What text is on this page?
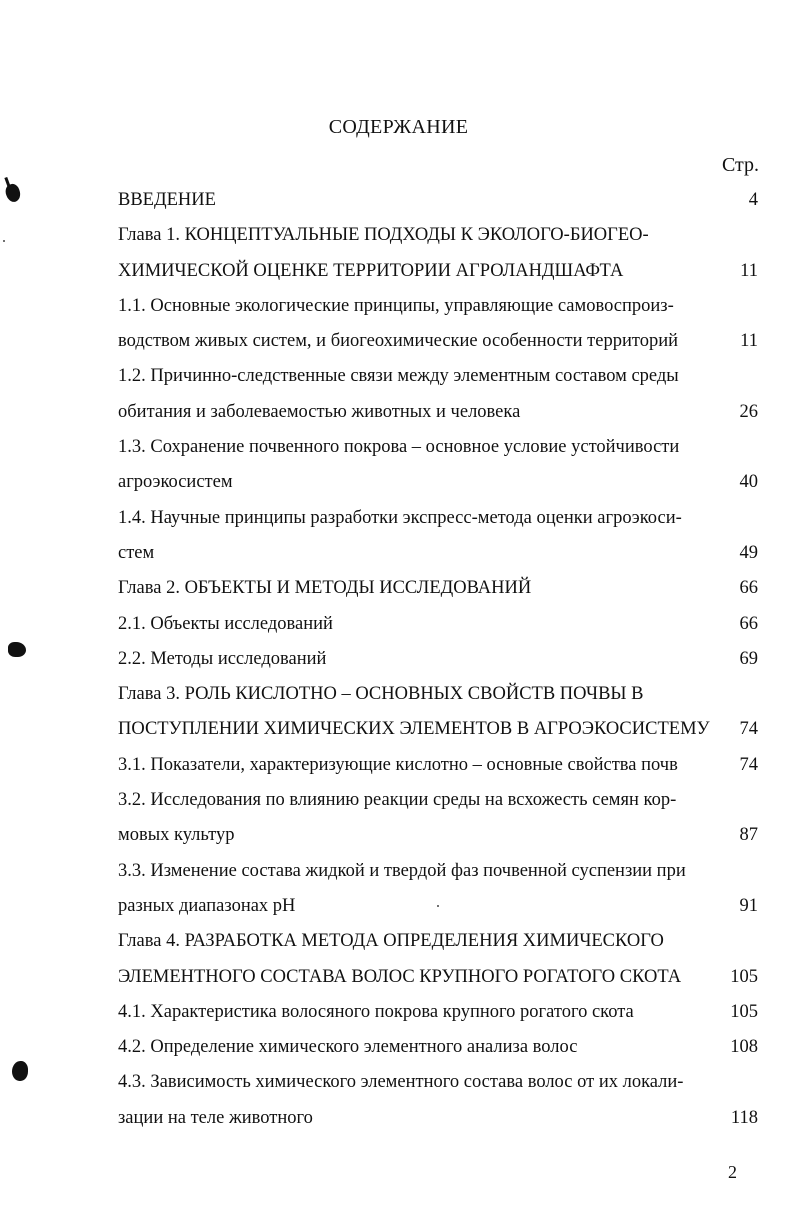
СОДЕРЖАНИЕ
Стр.
ВВЕДЕНИЕ	4
Глава 1. КОНЦЕПТУАЛЬНЫЕ ПОДХОДЫ К ЭКОЛОГО-БИОГЕО-
ХИМИЧЕСКОЙ ОЦЕНКЕ ТЕРРИТОРИИ АГРОЛАНДШАФТА	11
1.1. Основные экологические принципы, управляющие самовоспроиз-
водством живых систем, и биогеохимические особенности территорий	11
1.2. Причинно-следственные связи между элементным составом среды
обитания и заболеваемостью животных и человека	26
1.3. Сохранение почвенного покрова – основное условие устойчивости
агроэкосистем	40
1.4. Научные принципы разработки экспресс-метода оценки агроэкоси-
стем	49
Глава 2. ОБЪЕКТЫ И МЕТОДЫ ИССЛЕДОВАНИЙ	66
2.1. Объекты исследований	66
2.2. Методы исследований	69
Глава 3. РОЛЬ КИСЛОТНО – ОСНОВНЫХ СВОЙСТВ ПОЧВЫ В
ПОСТУПЛЕНИИ ХИМИЧЕСКИХ ЭЛЕМЕНТОВ В АГРОЭКОСИСТЕМУ 74
3.1. Показатели, характеризующие кислотно – основные свойства почв	74
3.2. Исследования по влиянию реакции среды на всхожесть семян кор-
мовых культур	87
3.3. Изменение состава жидкой и твердой фаз почвенной суспензии при
разных диапазонах pH	91
Глава 4. РАЗРАБОТКА МЕТОДА ОПРЕДЕЛЕНИЯ ХИМИЧЕСКОГО
ЭЛЕМЕНТНОГО СОСТАВА ВОЛОС КРУПНОГО РОГАТОГО СКОТА	105
4.1. Характеристика волосяного покрова крупного рогатого скота	105
4.2. Определение химического элементного анализа волос	108
4.3. Зависимость химического элементного состава волос от их локали-
зации на теле животного	118
2
